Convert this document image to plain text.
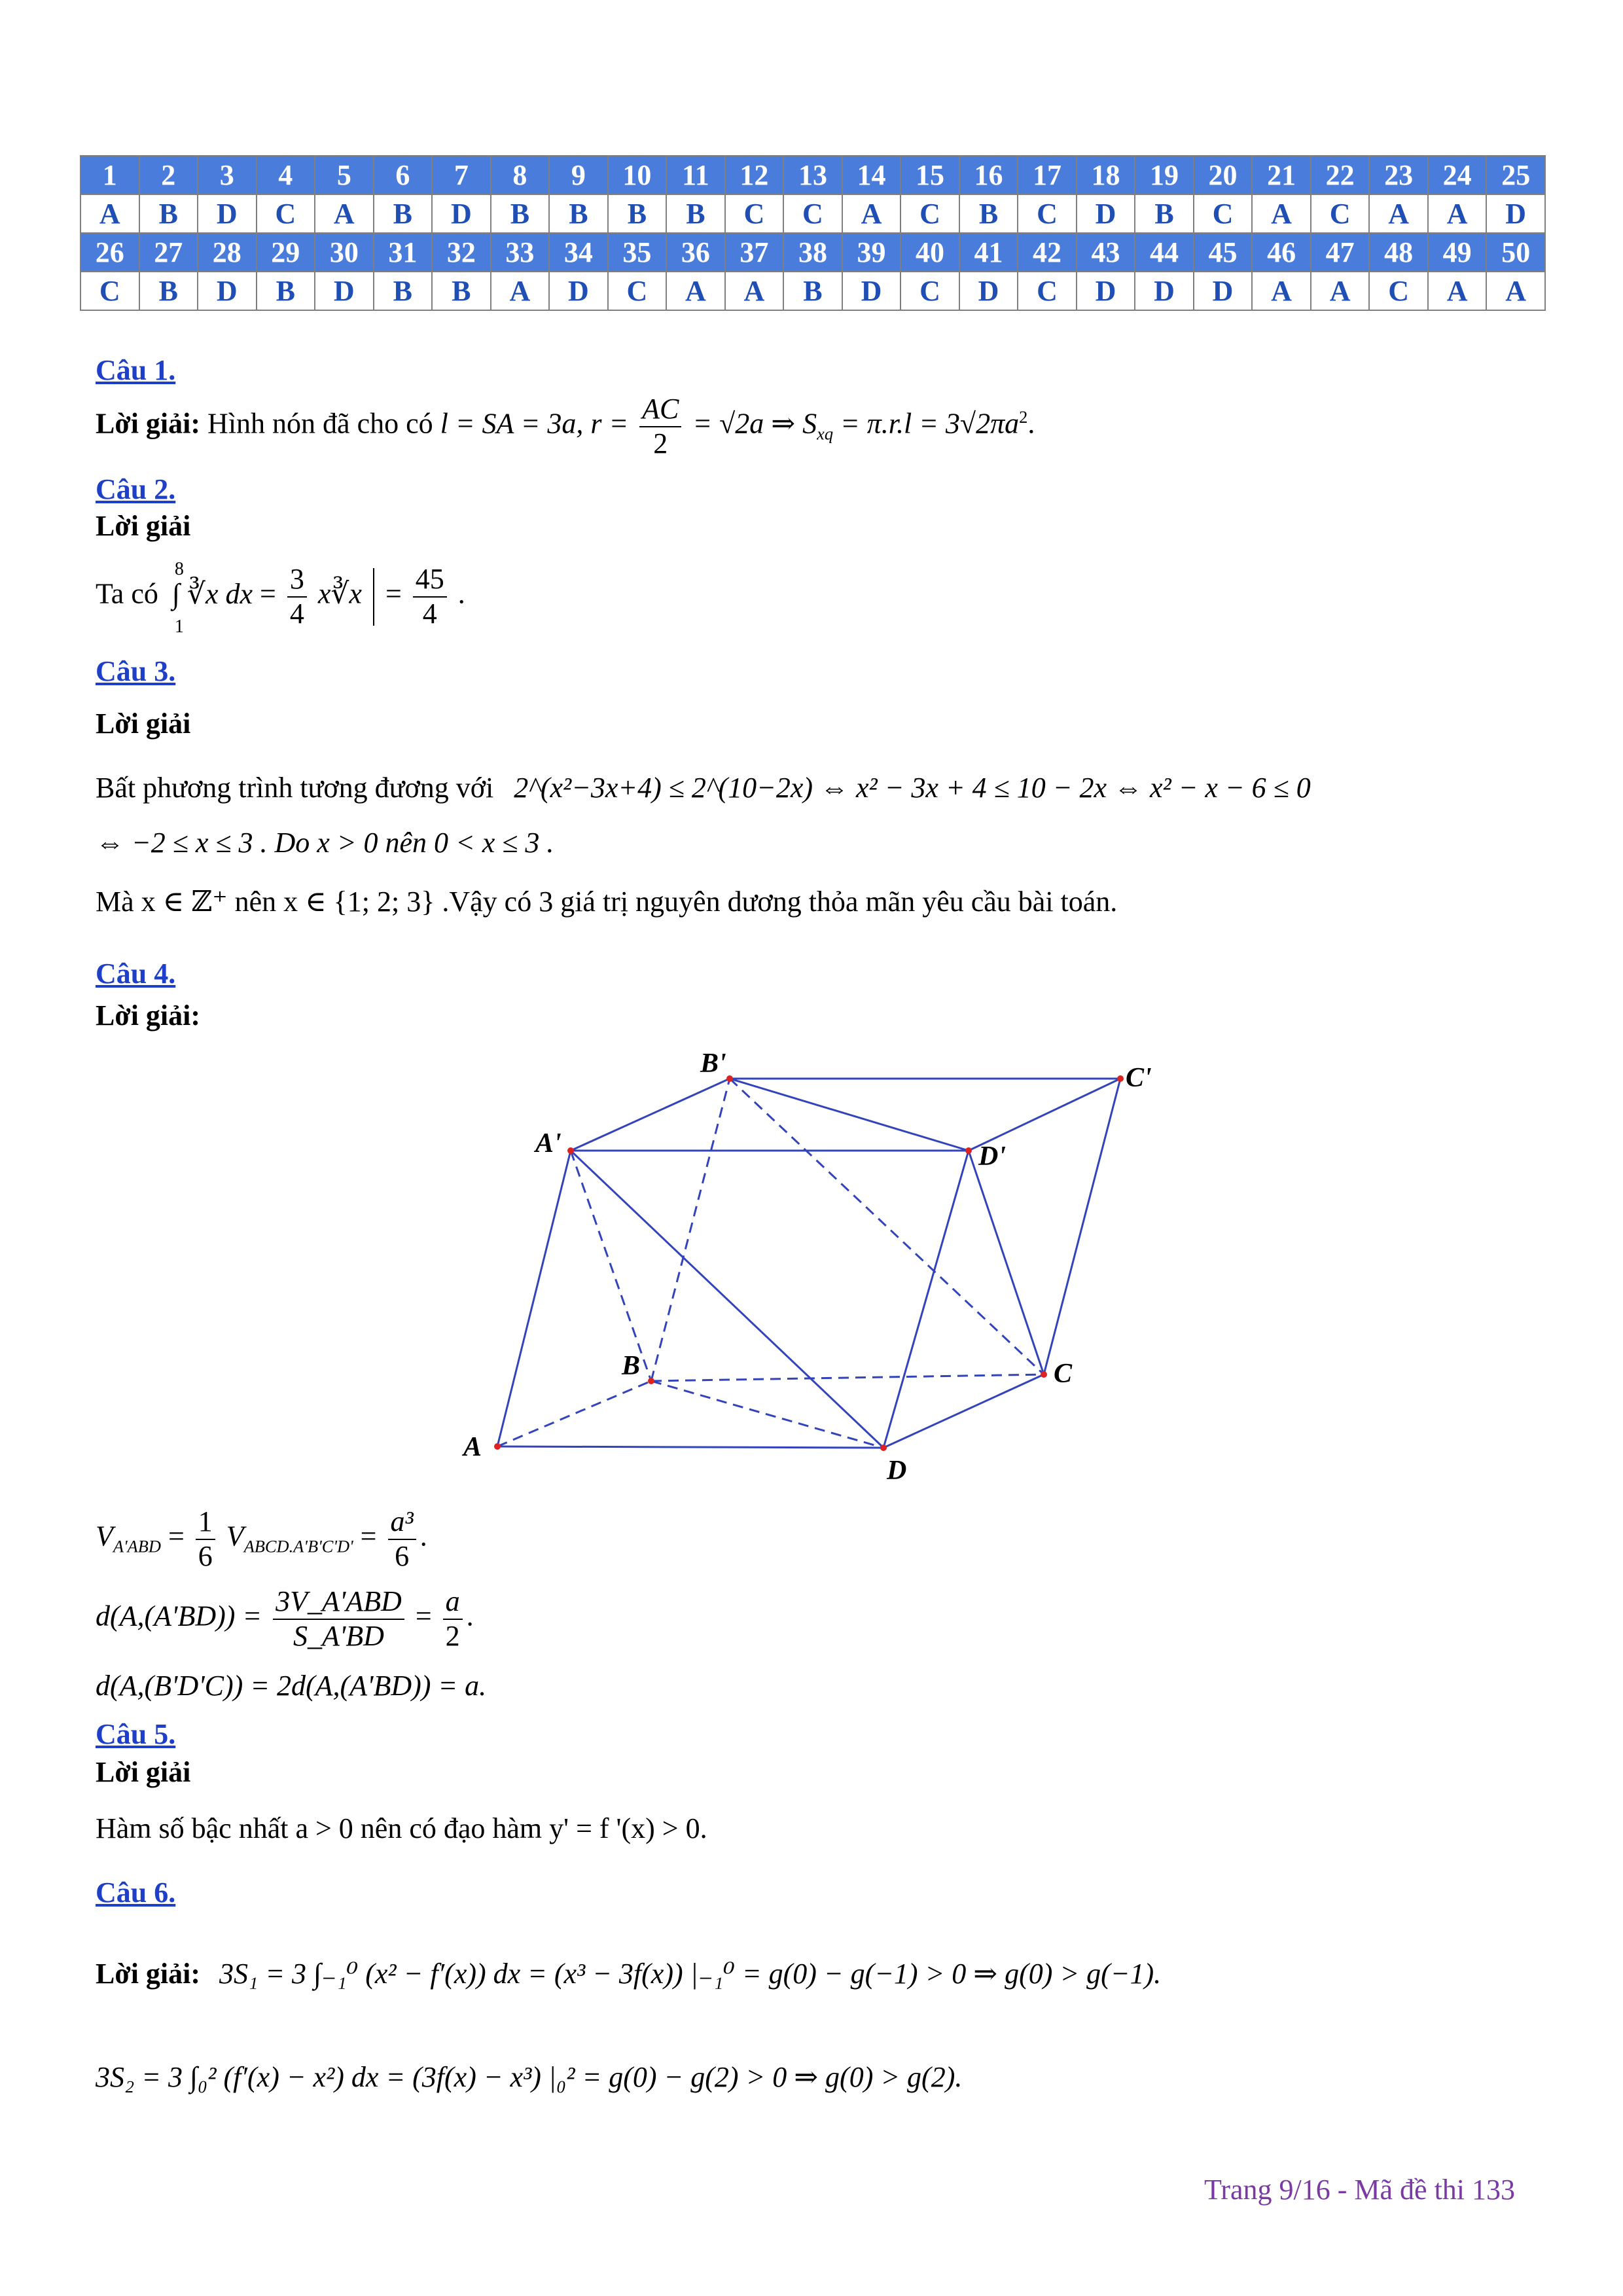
1	2	3	4	5	6	7	8	9	10	11	12	13	14	15	16	17	18	19	20	21	22	23	24	25
A	B	D	C	A	B	D	B	B	B	B	C	C	A	C	B	C	D	B	C	A	C	A	A	D
26	27	28	29	30	31	32	33	34	35	36	37	38	39	40	41	42	43	44	45	46	47	48	49	50
C	B	D	B	D	B	B	A	D	C	A	A	B	D	C	D	C	D	D	D	A	A	C	A	A
Câu 1.
Lời giải: Hình nón đã cho có l = SA = 3a, $r = \frac{AC}{2} = √2a$ ⇒ $S_{xq} = \pi.r.l = 3√2\pi a^2$.
Câu 2.
Lời giải
Ta có
8
∫ ∛x dx
1
= $\frac{3}{4}$ x∛x  = $\frac{45}{4}$ .
Câu 3.
Lời giải
Bất phương trình tương đương với 2^(x²−3x+4) ≤ 2^(10−2x) ⇔ x² − 3x + 4 ≤ 10 − 2x ⇔ x² − x − 6 ≤ 0
⇔ −2 ≤ x ≤ 3 . Do x > 0 nên 0 < x ≤ 3 .
Mà x ∈ ℤ⁺ nên x ∈ {1; 2; 3} .Vậy có 3 giá trị nguyên dương thỏa mãn yêu cầu bài toán.
Câu 4.
Lời giải:
A
B	C
D
A'
B'	C'
D'
$V_{A'ABD} = \frac{1}{6} V_{ABCD.A'B'C'D'} = \frac{\text{a³}}{6}$ .
$d(A,(A'BD)) = \frac{\text{3V\_A'ABD}}{S\_A'BD} = \frac{a}{2}$ .
d(A,(B'D'C)) = 2d(A,(A'BD)) = a.
Câu 5.
Lời giải
Hàm số bậc nhất a > 0 nên có đạo hàm y' = f '(x) > 0.
Câu 6.
Lời giải: 3S₁ = 3 ∫₋₁⁰ (x² − f′(x)) dx = (x³ − 3f(x)) |₋₁⁰ = g(0) − g(−1) > 0 ⇒ g(0) > g(−1).
3S₂ = 3 ∫₀² (f′(x) − x²) dx = (3f(x) − x³) |₀² = g(0) − g(2) > 0 ⇒ g(0) > g(2).
Trang 9/16 - Mã đề thi 133
